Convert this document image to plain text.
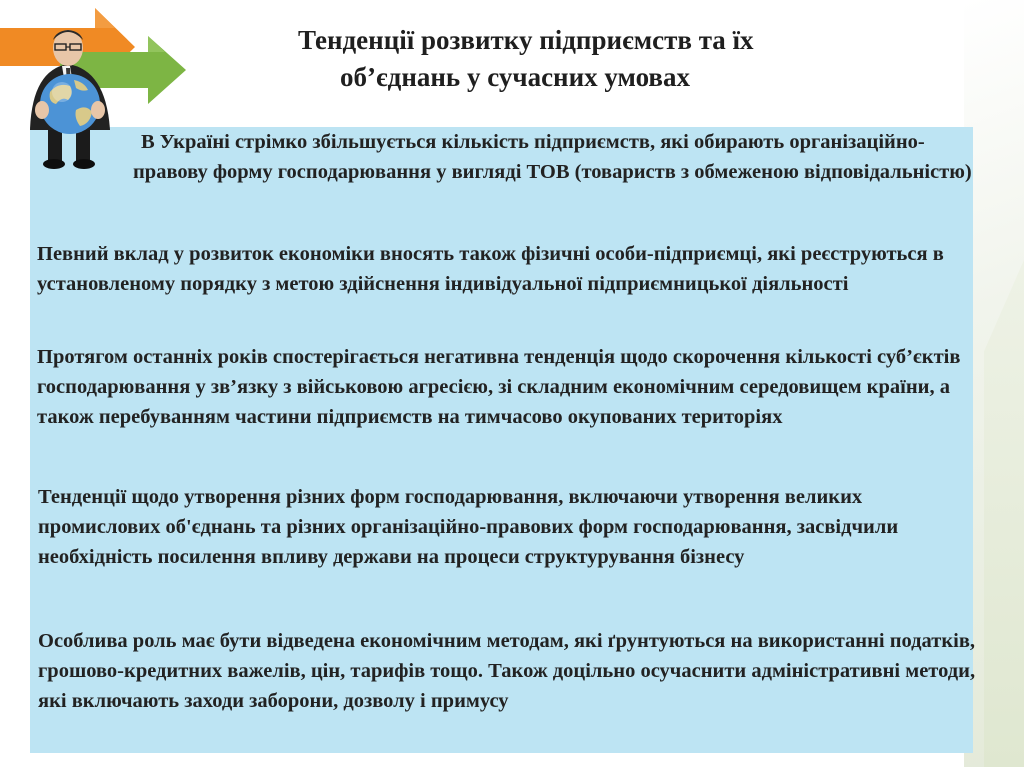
Тенденції розвитку підприємств та їх
об’єднань у сучасних умовах

В Україні стрімко збільшується кількість підприємств, які обирають організаційно-правову форму господарювання у вигляді ТОВ (товариств з обмеженою відповідальністю)

Певний вклад у розвиток економіки вносять також фізичні особи-підприємці, які реєструються в установленому порядку з метою здійснення індивідуальної підприємницької діяльності

Протягом останніх років спостерігається негативна тенденція щодо скорочення кількості суб’єктів господарювання у зв’язку з військовою агресією, зі складним економічним середовищем країни, а також перебуванням частини підприємств на тимчасово окупованих територіях

Тенденції щодо утворення різних форм господарювання, включаючи утворення великих промислових об'єднань та різних організаційно-правових форм господарювання, засвідчили необхідність посилення впливу держави на процеси структурування бізнесу

Особлива роль має бути відведена економічним методам, які ґрунтуються на використанні податків, грошово-кредитних важелів, цін, тарифів тощо. Також доцільно осучаснити адміністративні методи, які включають заходи заборони, дозволу і примусу
